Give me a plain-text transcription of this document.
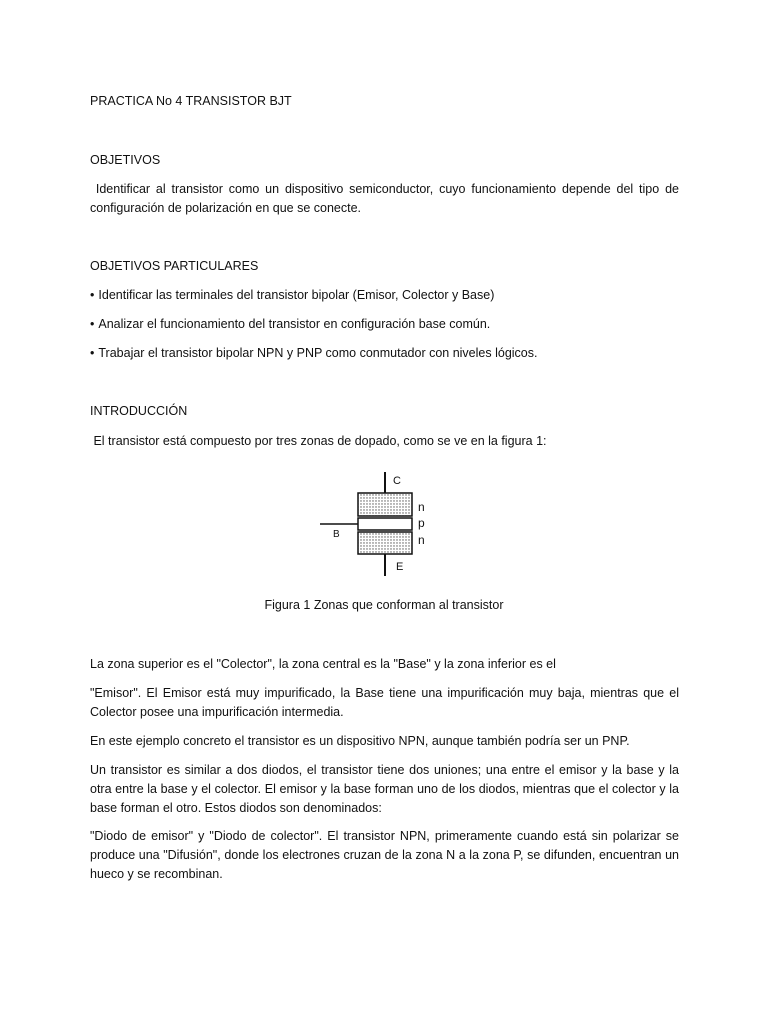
PRACTICA No 4 TRANSISTOR BJT
OBJETIVOS
Identificar al transistor como un dispositivo semiconductor, cuyo funcionamiento depende del tipo de configuración de polarización en que se conecte.
OBJETIVOS PARTICULARES
• Identificar las terminales del transistor bipolar (Emisor, Colector y Base)
• Analizar el funcionamiento del transistor en configuración base común.
• Trabajar el transistor bipolar NPN y PNP como conmutador con niveles lógicos.
INTRODUCCIÓN
El transistor está compuesto por tres zonas de dopado, como se ve en la figura 1:
C
B
E
n
p
n
Figura 1 Zonas que conforman al transistor
La zona superior es el "Colector", la zona central es la "Base" y la zona inferior es el
"Emisor". El Emisor está muy impurificado, la Base tiene una impurificación muy baja, mientras que el Colector posee una impurificación intermedia.
En este ejemplo concreto el transistor es un dispositivo NPN, aunque también podría ser un PNP.
Un transistor es similar a dos diodos, el transistor tiene dos uniones; una entre el emisor y la base y la otra entre la base y el colector. El emisor y la base forman uno de los diodos, mientras que el colector y la base forman el otro. Estos diodos son denominados:
"Diodo de emisor" y "Diodo de colector". El transistor NPN, primeramente cuando está sin polarizar se produce una "Difusión", donde los electrones cruzan de la zona N a la zona P, se difunden, encuentran un hueco y se recombinan.
